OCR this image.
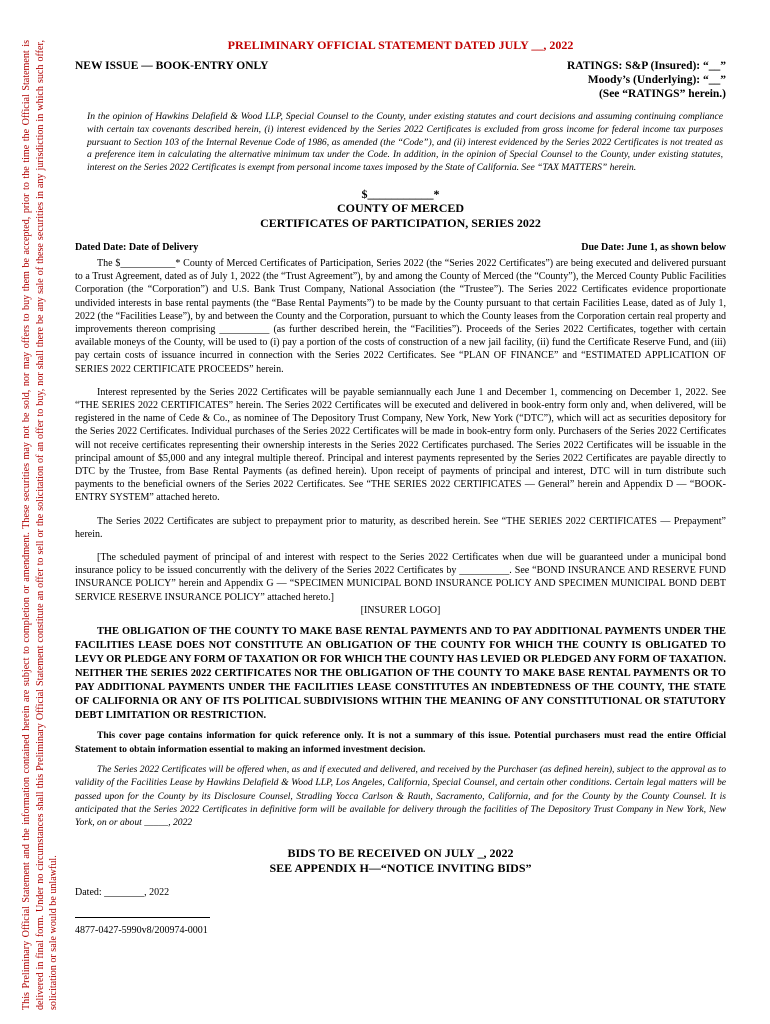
This Preliminary Official Statement and the information contained herein are subject to completion or amendment. These securities may not be sold, nor may offers to buy them be accepted, prior to the time the Official Statement is delivered in final form. Under no circumstances shall this Preliminary Official Statement constitute an offer to sell or the solicitation of an offer to buy, nor shall there be any sale of these securities in any jurisdiction in which such offer, solicitation or sale would be unlawful.
PRELIMINARY OFFICIAL STATEMENT DATED JULY __, 2022
NEW ISSUE — BOOK-ENTRY ONLY	RATINGS: S&P (Insured): “__”
Moody’s (Underlying): “__”
(See “RATINGS” herein.)
In the opinion of Hawkins Delafield & Wood LLP, Special Counsel to the County, under existing statutes and court decisions and assuming continuing compliance with certain tax covenants described herein, (i) interest evidenced by the Series 2022 Certificates is excluded from gross income for federal income tax purposes pursuant to Section 103 of the Internal Revenue Code of 1986, as amended (the “Code”), and (ii) interest evidenced by the Series 2022 Certificates is not treated as a preference item in calculating the alternative minimum tax under the Code. In addition, in the opinion of Special Counsel to the County, under existing statutes, interest on the Series 2022 Certificates is exempt from personal income taxes imposed by the State of California. See “TAX MATTERS” herein.
$___________*
COUNTY OF MERCED
CERTIFICATES OF PARTICIPATION, SERIES 2022
Dated Date: Date of Delivery	Due Date: June 1, as shown below

The $___________* County of Merced Certificates of Participation, Series 2022 (the “Series 2022 Certificates”) are being executed and delivered pursuant to a Trust Agreement, dated as of July 1, 2022 (the “Trust Agreement”), by and among the County of Merced (the “County”), the Merced County Public Facilities Corporation (the “Corporation”) and U.S. Bank Trust Company, National Association (the “Trustee”). The Series 2022 Certificates evidence proportionate undivided interests in base rental payments (the “Base Rental Payments”) to be made by the County pursuant to that certain Facilities Lease, dated as of July 1, 2022 (the “Facilities Lease”), by and between the County and the Corporation, pursuant to which the County leases from the Corporation certain real property and improvements thereon comprising __________ (as further described herein, the “Facilities”). Proceeds of the Series 2022 Certificates, together with certain available moneys of the County, will be used to (i) pay a portion of the costs of construction of a new jail facility, (ii) fund the Certificate Reserve Fund, and (iii) pay certain costs of issuance incurred in connection with the Series 2022 Certificates. See “PLAN OF FINANCE” and “ESTIMATED APPLICATION OF SERIES 2022 CERTIFICATE PROCEEDS” herein.

Interest represented by the Series 2022 Certificates will be payable semiannually each June 1 and December 1, commencing on December 1, 2022. See “THE SERIES 2022 CERTIFICATES” herein. The Series 2022 Certificates will be executed and delivered in book-entry form only and, when delivered, will be registered in the name of Cede & Co., as nominee of The Depository Trust Company, New York, New York (“DTC”), which will act as securities depository for the Series 2022 Certificates. Individual purchases of the Series 2022 Certificates will be made in book-entry form only. Purchasers of the Series 2022 Certificates will not receive certificates representing their ownership interests in the Series 2022 Certificates purchased. The Series 2022 Certificates will be issuable in the principal amount of $5,000 and any integral multiple thereof. Principal and interest payments represented by the Series 2022 Certificates are payable directly to DTC by the Trustee, from Base Rental Payments (as defined herein). Upon receipt of payments of principal and interest, DTC will in turn distribute such payments to the beneficial owners of the Series 2022 Certificates. See “THE SERIES 2022 CERTIFICATES — General” herein and Appendix D — “BOOK-ENTRY SYSTEM” attached hereto.

The Series 2022 Certificates are subject to prepayment prior to maturity, as described herein. See “THE SERIES 2022 CERTIFICATES — Prepayment” herein.

[The scheduled payment of principal of and interest with respect to the Series 2022 Certificates when due will be guaranteed under a municipal bond insurance policy to be issued concurrently with the delivery of the Series 2022 Certificates by __________. See “BOND INSURANCE AND RESERVE FUND INSURANCE POLICY” herein and Appendix G — “SPECIMEN MUNICIPAL BOND INSURANCE POLICY AND SPECIMEN MUNICIPAL BOND DEBT SERVICE RESERVE INSURANCE POLICY” attached hereto.]

[INSURER LOGO]
THE OBLIGATION OF THE COUNTY TO MAKE BASE RENTAL PAYMENTS AND TO PAY ADDITIONAL PAYMENTS UNDER THE FACILITIES LEASE DOES NOT CONSTITUTE AN OBLIGATION OF THE COUNTY FOR WHICH THE COUNTY IS OBLIGATED TO LEVY OR PLEDGE ANY FORM OF TAXATION OR FOR WHICH THE COUNTY HAS LEVIED OR PLEDGED ANY FORM OF TAXATION. NEITHER THE SERIES 2022 CERTIFICATES NOR THE OBLIGATION OF THE COUNTY TO MAKE BASE RENTAL PAYMENTS OR TO PAY ADDITIONAL PAYMENTS UNDER THE FACILITIES LEASE CONSTITUTES AN INDEBTEDNESS OF THE COUNTY, THE STATE OF CALIFORNIA OR ANY OF ITS POLITICAL SUBDIVISIONS WITHIN THE MEANING OF ANY CONSTITUTIONAL OR STATUTORY DEBT LIMITATION OR RESTRICTION.
This cover page contains information for quick reference only. It is not a summary of this issue. Potential purchasers must read the entire Official Statement to obtain information essential to making an informed investment decision.
The Series 2022 Certificates will be offered when, as and if executed and delivered, and received by the Purchaser (as defined herein), subject to the approval as to validity of the Facilities Lease by Hawkins Delafield & Wood LLP, Los Angeles, California, Special Counsel, and certain other conditions. Certain legal matters will be passed upon for the County by its Disclosure Counsel, Stradling Yocca Carlson & Rauth, Sacramento, California, and for the County by the County Counsel. It is anticipated that the Series 2022 Certificates in definitive form will be available for delivery through the facilities of The Depository Trust Company in New York, New York, on or about _____, 2022
BIDS TO BE RECEIVED ON JULY _, 2022
SEE APPENDIX H—“NOTICE INVITING BIDS”
Dated: ________, 2022
4877-0427-5990v8/200974-0001
